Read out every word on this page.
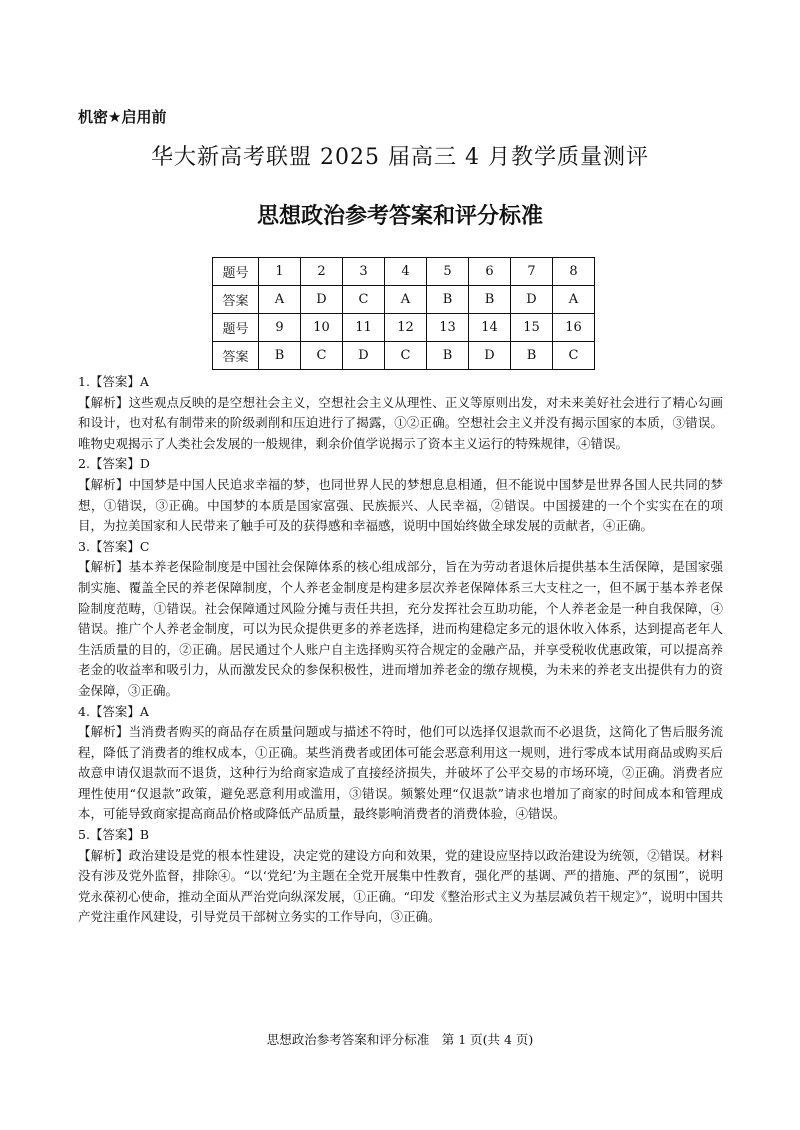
机密★启用前
华大新高考联盟 2025 届高三 4 月教学质量测评
思想政治参考答案和评分标准
题号	1	2	3	4	5	6	7	8
答案	A	D	C	A	B	B	D	A
题号	9	10	11	12	13	14	15	16
答案	B	C	D	C	B	D	B	C

1.【答案】A

【解析】这些观点反映的是空想社会主义，空想社会主义从理性、正义等原则出发，对未来美好社会进行了精心勾画和设计，也对私有制带来的阶级剥削和压迫进行了揭露，①②正确。空想社会主义并没有揭示国家的本质，③错误。唯物史观揭示了人类社会发展的一般规律，剩余价值学说揭示了资本主义运行的特殊规律，④错误。

2.【答案】D

【解析】中国梦是中国人民追求幸福的梦，也同世界人民的梦想息息相通，但不能说中国梦是世界各国人民共同的梦想，①错误，③正确。中国梦的本质是国家富强、民族振兴、人民幸福，②错误。中国援建的一个个实实在在的项目，为拉美国家和人民带来了触手可及的获得感和幸福感，说明中国始终做全球发展的贡献者，④正确。

3.【答案】C

【解析】基本养老保险制度是中国社会保障体系的核心组成部分，旨在为劳动者退休后提供基本生活保障，是国家强制实施、覆盖全民的养老保障制度，个人养老金制度是构建多层次养老保障体系三大支柱之一，但不属于基本养老保险制度范畴，①错误。社会保障通过风险分摊与责任共担，充分发挥社会互助功能，个人养老金是一种自我保障，④错误。推广个人养老金制度，可以为民众提供更多的养老选择，进而构建稳定多元的退休收入体系，达到提高老年人生活质量的目的，②正确。居民通过个人账户自主选择购买符合规定的金融产品，并享受税收优惠政策，可以提高养老金的收益率和吸引力，从而激发民众的参保积极性，进而增加养老金的缴存规模，为未来的养老支出提供有力的资金保障，③正确。

4.【答案】A

【解析】当消费者购买的商品存在质量问题或与描述不符时，他们可以选择仅退款而不必退货，这简化了售后服务流程，降低了消费者的维权成本，①正确。某些消费者或团体可能会恶意利用这一规则，进行零成本试用商品或购买后故意申请仅退款而不退货，这种行为给商家造成了直接经济损失，并破坏了公平交易的市场环境，②正确。消费者应理性使用“仅退款”政策，避免恶意利用或滥用，③错误。频繁处理“仅退款”请求也增加了商家的时间成本和管理成本，可能导致商家提高商品价格或降低产品质量，最终影响消费者的消费体验，④错误。

5.【答案】B

【解析】政治建设是党的根本性建设，决定党的建设方向和效果，党的建设应坚持以政治建设为统领，②错误。材料没有涉及党外监督，排除④。“以‘党纪’为主题在全党开展集中性教育，强化严的基调、严的措施、严的氛围”，说明党永葆初心使命，推动全面从严治党向纵深发展，①正确。“印发《整治形式主义为基层减负若干规定》”，说明中国共产党注重作风建设，引导党员干部树立务实的工作导向，③正确。

思想政治参考答案和评分标准　第 1 页(共 4 页)
